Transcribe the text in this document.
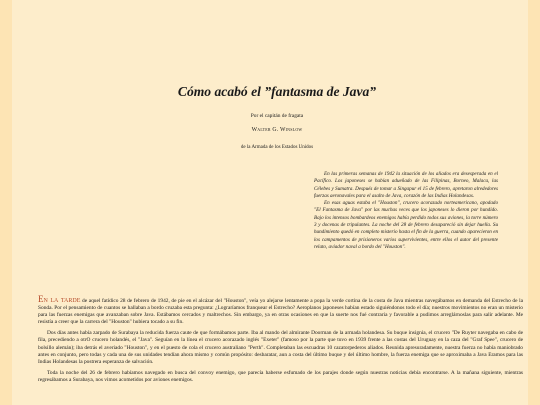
Cómo acabó el ”fantasma de Java”

Por el capitán de fragata

Walter G. Winslow

de la Armada de los Estados Unidos

En las primeras semanas de 1942 la situación de los aliados era desesperada en el Pacífico. Los japoneses se habían adueñado de las Filipinas, Borneo, Malaca, las Célebes y Sumatra. Después de tomar a Singapur el 15 de febrero, apretaron alrededores fuerzas aeronavales para el asalto de Java, corazón de las Indias Holandesas.

En esas aguas estaba el "Houston", crucero acorazado norteamericano, apodado "El Fantasma de Java" por las muchas veces que los japoneses lo dieron por hundido. Bajo los intensos bombardeos enemigos había perdido todos sus aviones, la torre número 3 y docenas de tripulantes. La noche del 28 de febrero desapareció sin dejar huella. Su hundimiento quedó en completo misterio hasta el fin de la guerra, cuando aparecieron en los campamentos de prisioneros varios supervivientes, entre ellos el autor del presente relato, aviador naval a bordo del "Houston".

En la tarde de aquel fatídico 28 de febrero de 1942, de pie en el alcázar del "Houston", veía yo alejarse lentamente a popa la verde cortina de la costa de Java mientras navegábamos en demanda del Estrecho de la Sonda. Por el pensamiento de cuantos se hallaban a bordo cruzaba esta pregunta: ¿Lograríamos franquear el Estrecho? Aeroplanos japoneses habían estado siguiéndonos todo el día; nuestros movimientos no eran un misterio para las fuerzas enemigas que avanzaban sobre Java. Estábamos cercados y maltrechos. Sin embargo, ya en otras ocasiones en que la suerte nos fué contraria y favorable a pudimos arreglárnoslas para salir adelante. Me resistía a creer que la carrera del "Houston" hubiera tocado a su fin.

Dos días antes había zarpado de Surabaya la reducida fuerza caute de que formábamos parte. Iba al mando del almirante Doorman de la armada holandesa. Su buque insignia, el crucero "De Ruyter navegaba en cabo de fila, precediendo a otrO crucero holandés, el "Java". Seguían en la línea el crucero acorazado inglés "Exeter" (famoso por la parte que tuvo en 1939 frente a las costas del Uruguay en la caza del "Graf Spee", crucero de bolsillo alemán); iba detrás el averiado "Houston", y en el puesto de cola el crucero australiano "Perth". Completaban las escuadras 10 cazatorpederos aliados. Reunida apresuradamente, nuestra fuerza no había maniobrado antes en conjunto, pero todas y cada una de sus unidades tendían ahora mismo y común propósito: desbaratar, aun a costa del último buque y del último hombre, la fuerza enemiga que se aproximaba a Java Eramos para las Indias Holandesas la postrera esperanza de salvación.

Toda la noche del 26 de febrero habíamos navegado en busca del convoy enemigo, que parecía haberse esfumado de los parajes donde según nuestras noticias debía encontrarse. A la mañana siguiente, mientras regresábamos a Surabaya, nos vimos acometidos por aviones enemigos.
